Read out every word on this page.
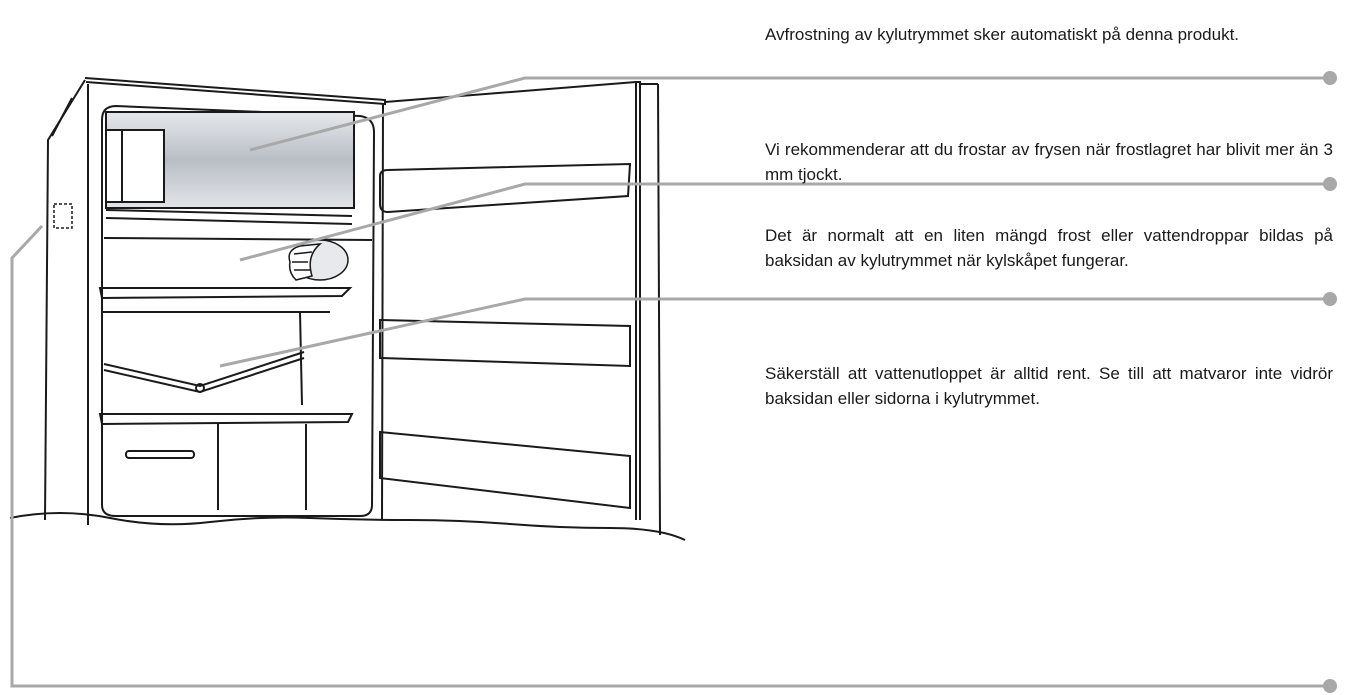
Avfrostning av kylutrymmet sker automatiskt på denna produkt.

Vi rekommenderar att du frostar av frysen när frostlagret har blivit mer än 3 mm tjockt.

Det är normalt att en liten mängd frost eller vattendroppar bildas på baksidan av kylutrymmet när kylskåpet fungerar.

Säkerställ att vattenutloppet är alltid rent. Se till att matvaror inte vidrör baksidan eller sidorna i kylutrymmet.
